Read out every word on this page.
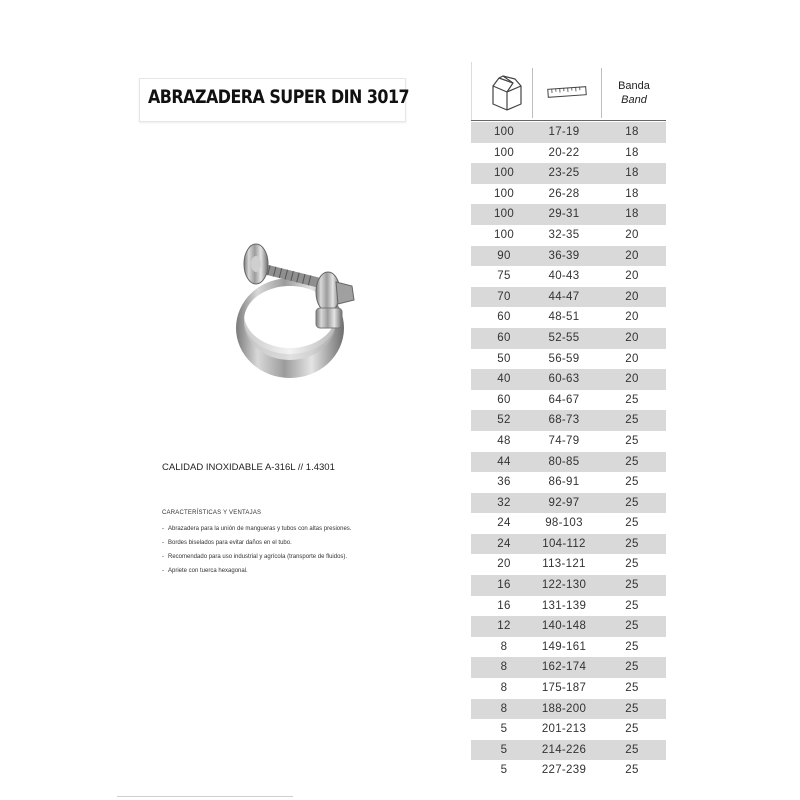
ABRAZADERA SUPER DIN 3017
CALIDAD INOXIDABLE A-316L // 1.4301
CARACTERÍSTICAS Y VENTAJAS
- Abrazadera para la unión de mangueras y tubos con altas presiones.
- Bordes biselados para evitar daños en el tubo.
- Recomendado para uso industrial y agrícola (transporte de fluidos).
- Apriete con tuerca hexagonal.
Banda
Band
100	17-19	18
100	20-22	18
100	23-25	18
100	26-28	18
100	29-31	18
100	32-35	20
90	36-39	20
75	40-43	20
70	44-47	20
60	48-51	20
60	52-55	20
50	56-59	20
40	60-63	20
60	64-67	25
52	68-73	25
48	74-79	25
44	80-85	25
36	86-91	25
32	92-97	25
24	98-103	25
24	104-112	25
20	113-121	25
16	122-130	25
16	131-139	25
12	140-148	25
8	149-161	25
8	162-174	25
8	175-187	25
8	188-200	25
5	201-213	25
5	214-226	25
5	227-239	25
